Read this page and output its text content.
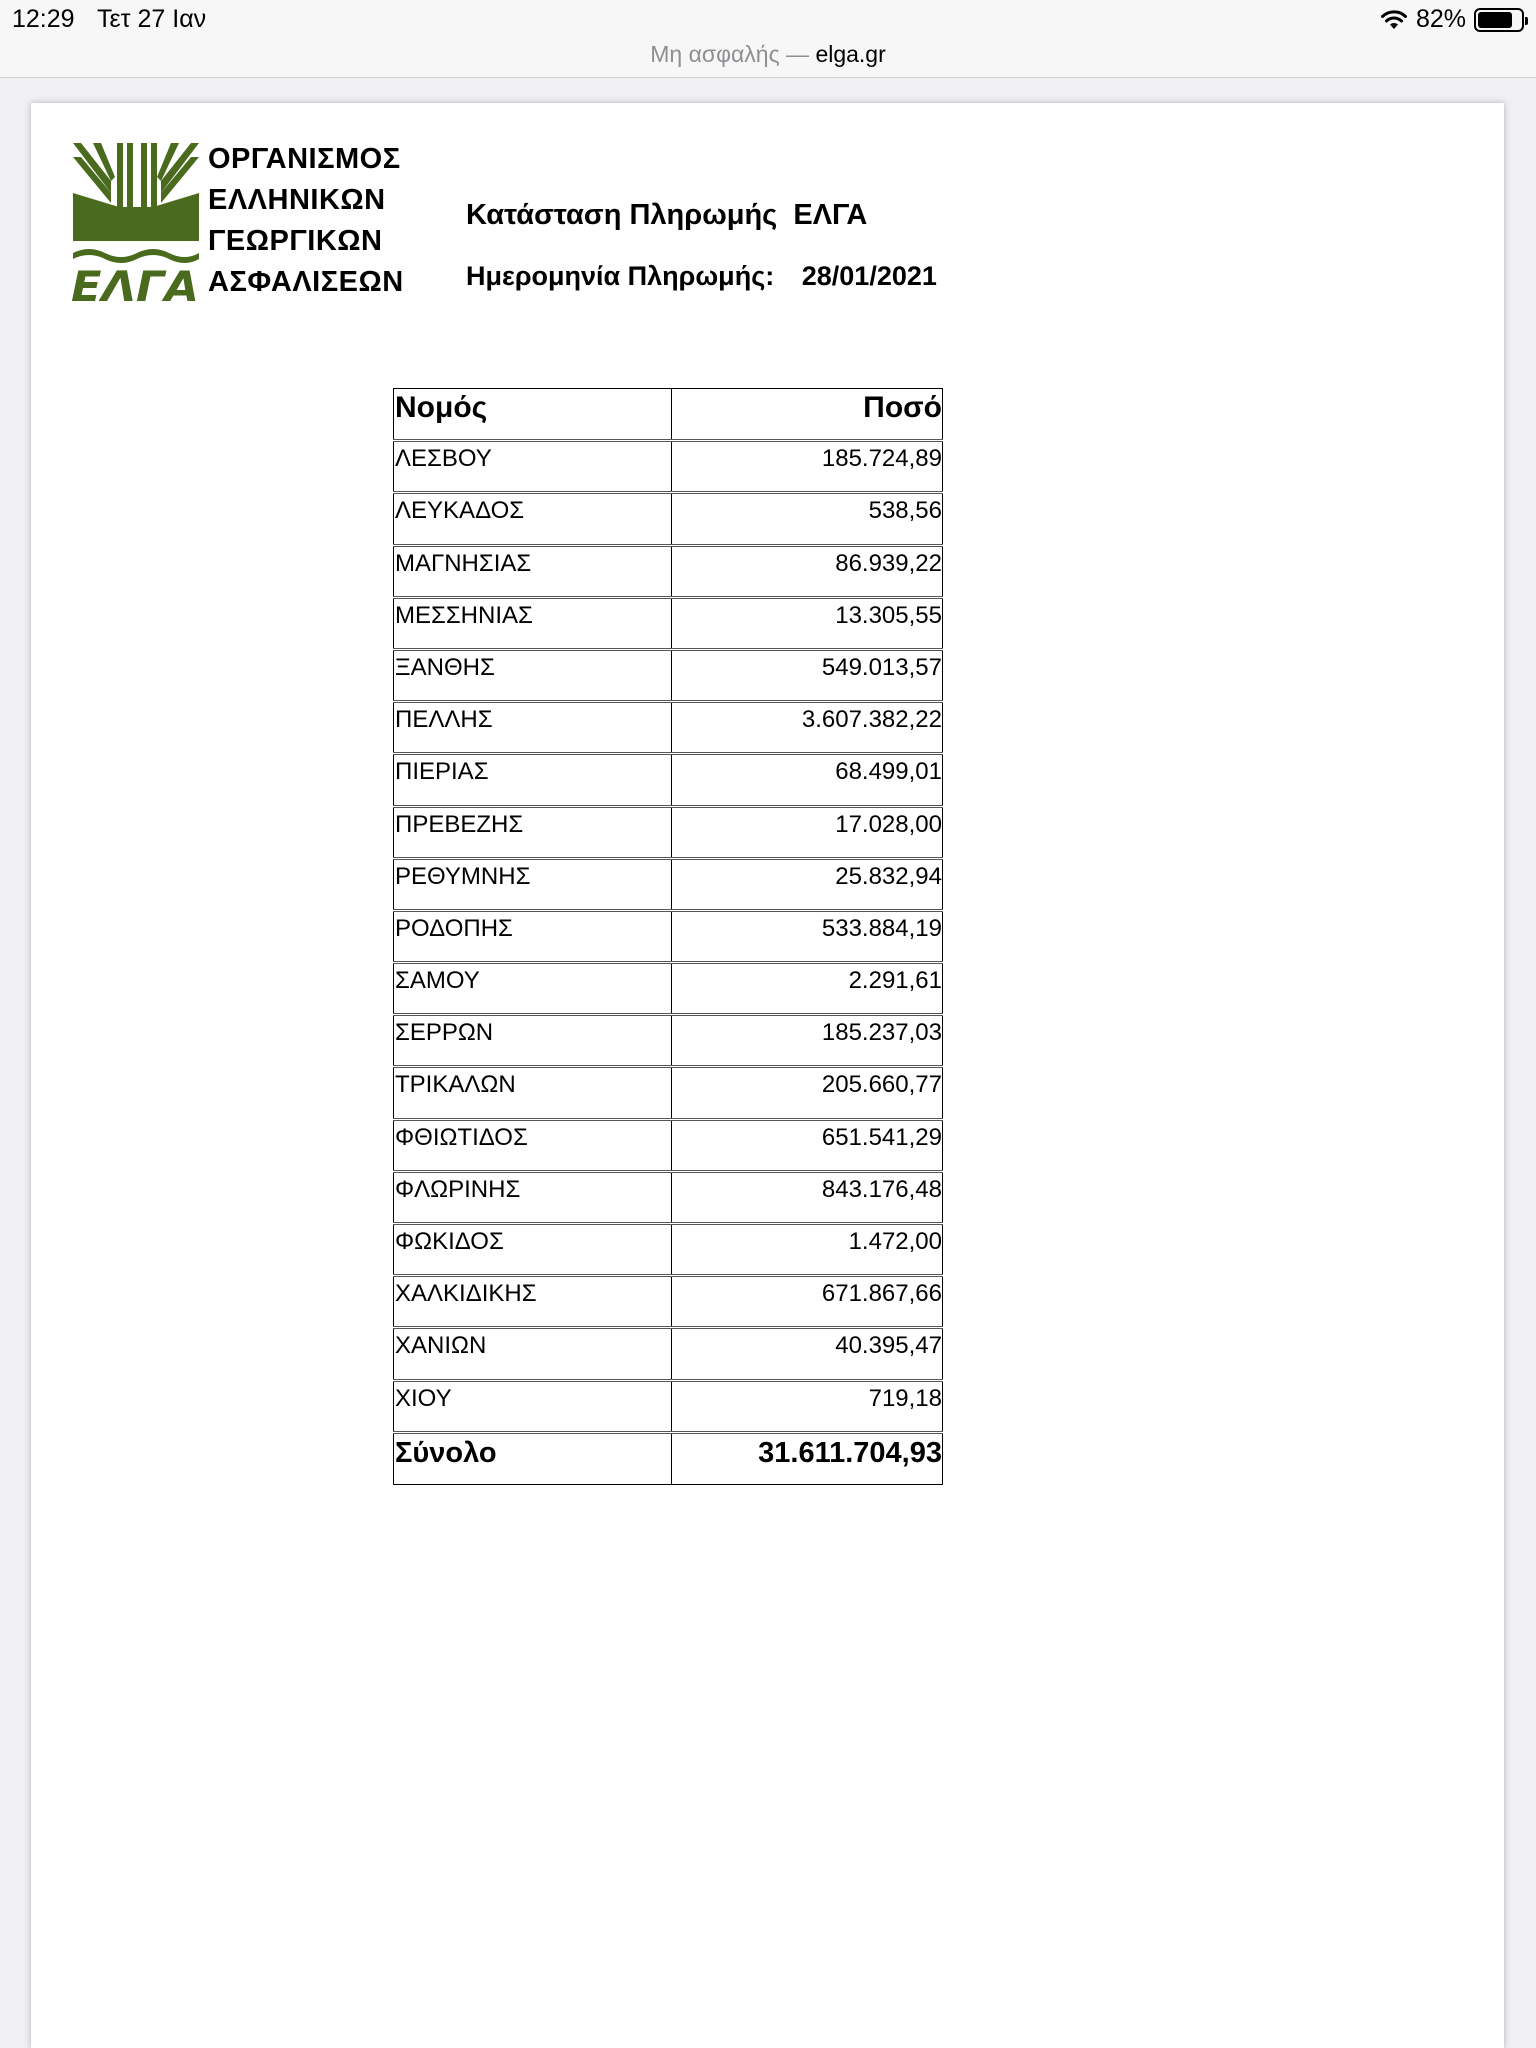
12:29 Τετ 27 Ιαν	82%
Μη ασφαλής — elga.gr
ΕΛΓΑ
ΟΡΓΑΝΙΣΜΟΣ
ΕΛΛΗΝΙΚΩΝ
ΓΕΩΡΓΙΚΩΝ
ΑΣΦΑΛΙΣΕΩΝ
Κατάσταση Πληρωμής  ΕΛΓΑ
Ημερομηνία Πληρωμής: 28/01/2021
Νομός	Ποσό
ΛΕΣΒΟΥ	185.724,89
ΛΕΥΚΑΔΟΣ	538,56
ΜΑΓΝΗΣΙΑΣ	86.939,22
ΜΕΣΣΗΝΙΑΣ	13.305,55
ΞΑΝΘΗΣ	549.013,57
ΠΕΛΛΗΣ	3.607.382,22
ΠΙΕΡΙΑΣ	68.499,01
ΠΡΕΒΕΖΗΣ	17.028,00
ΡΕΘΥΜΝΗΣ	25.832,94
ΡΟΔΟΠΗΣ	533.884,19
ΣΑΜΟΥ	2.291,61
ΣΕΡΡΩΝ	185.237,03
ΤΡΙΚΑΛΩΝ	205.660,77
ΦΘΙΩΤΙΔΟΣ	651.541,29
ΦΛΩΡΙΝΗΣ	843.176,48
ΦΩΚΙΔΟΣ	1.472,00
ΧΑΛΚΙΔΙΚΗΣ	671.867,66
ΧΑΝΙΩΝ	40.395,47
ΧΙΟΥ	719,18
Σύνολο	31.611.704,93
